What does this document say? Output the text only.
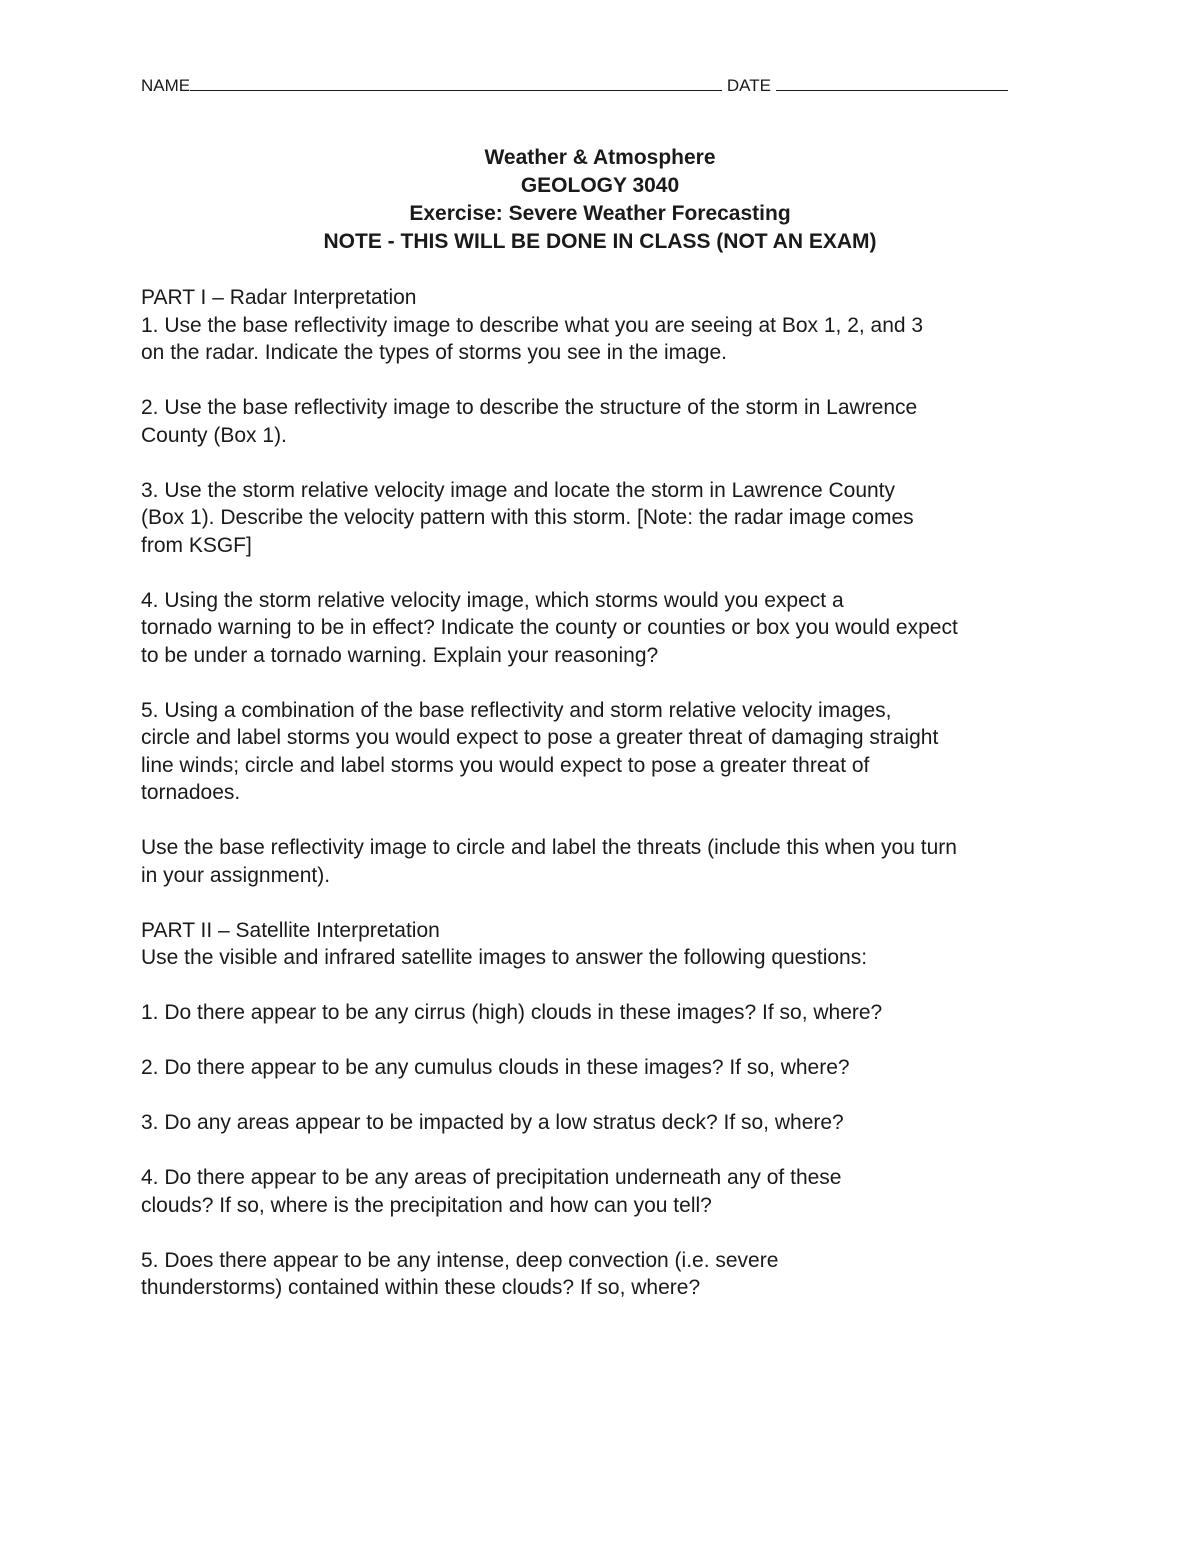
NAME	DATE
Weather & Atmosphere
GEOLOGY 3040
Exercise: Severe Weather Forecasting
NOTE - THIS WILL BE DONE IN CLASS (NOT AN EXAM)
PART I – Radar Interpretation
1. Use the base reflectivity image to describe what you are seeing at Box 1, 2, and 3
on the radar. Indicate the types of storms you see in the image.
2. Use the base reflectivity image to describe the structure of the storm in Lawrence
County (Box 1).
3. Use the storm relative velocity image and locate the storm in Lawrence County
(Box 1). Describe the velocity pattern with this storm. [Note: the radar image comes
from KSGF]
4. Using the storm relative velocity image, which storms would you expect a
tornado warning to be in effect? Indicate the county or counties or box you would expect
to be under a tornado warning. Explain your reasoning?
5. Using a combination of the base reflectivity and storm relative velocity images,
circle and label storms you would expect to pose a greater threat of damaging straight
line winds; circle and label storms you would expect to pose a greater threat of
tornadoes.
Use the base reflectivity image to circle and label the threats (include this when you turn
in your assignment).
PART II – Satellite Interpretation
Use the visible and infrared satellite images to answer the following questions:
1. Do there appear to be any cirrus (high) clouds in these images? If so, where?
2. Do there appear to be any cumulus clouds in these images? If so, where?
3. Do any areas appear to be impacted by a low stratus deck? If so, where?
4. Do there appear to be any areas of precipitation underneath any of these
clouds? If so, where is the precipitation and how can you tell?
5. Does there appear to be any intense, deep convection (i.e. severe
thunderstorms) contained within these clouds? If so, where?
